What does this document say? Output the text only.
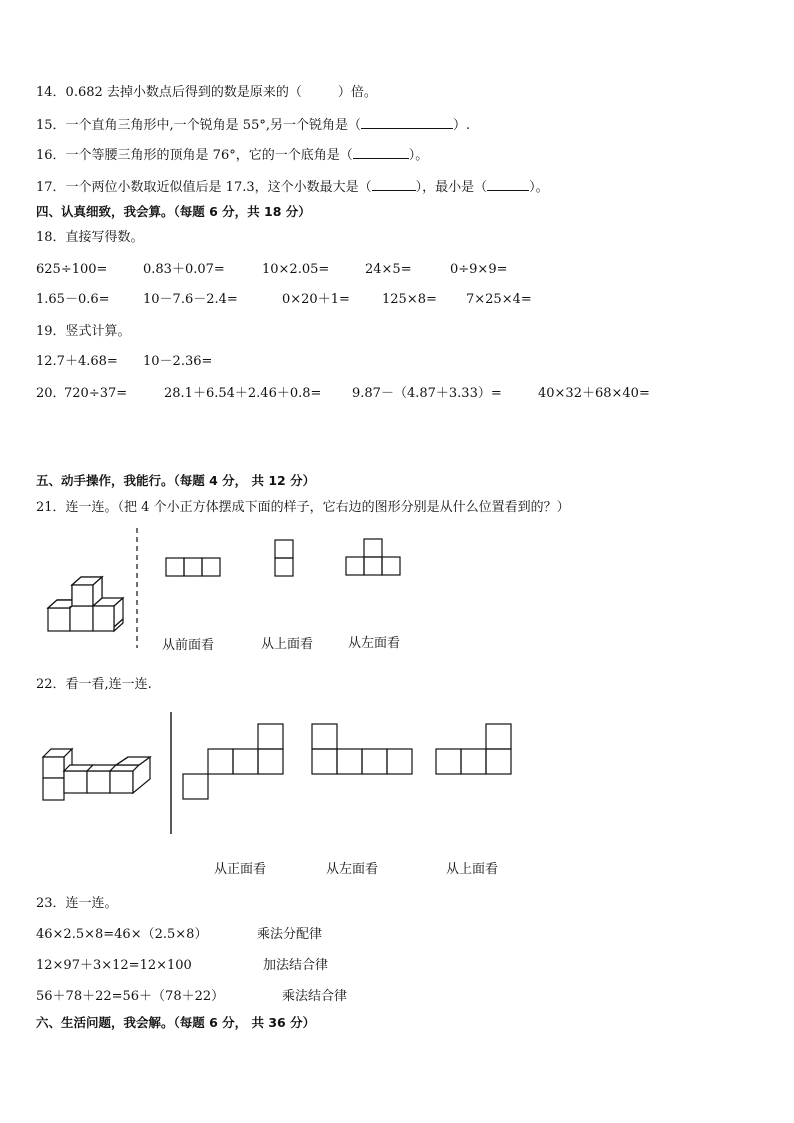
14．0.682 去掉小数点后得到的数是原来的（	）倍。
15．一个直角三角形中,一个锐角是 55°,另一个锐角是（	）.
16．一个等腰三角形的顶角是 76°，它的一个底角是（	）。
17．一个两位小数取近似值后是 17.3，这个小数最大是（	），最小是（	）。
四、认真细致，我会算。（每题 6 分，共 18 分）
18．直接写得数。
625÷100=	0.83＋0.07=	10×2.05=	24×5=	0÷9×9=
1.65－0.6=	10－7.6－2.4=	0×20＋1= 125×8= 7×25×4=
19．竖式计算。
12.7＋4.68= 10－2.36=
20．
720÷37=	28.1＋6.54＋2.46＋0.8= 9.87－（4.87＋3.33）=	40×32＋68×40=
五、动手操作，我能行。（每题 4 分， 共 12 分）
21．连一连。（把 4 个小正方体摆成下面的样子，它右边的图形分别是从什么位置看到的？）
从前面看	从上面看	从左面看
22．看一看,连一连.
从正面看	从左面看	从上面看
23．连一连。
46×2.5×8=46×（2.5×8）
12×97＋3×12=12×100
56＋78＋22=56＋（78＋22）
乘法分配律
加法结合律
乘法结合律
六、生活问题，我会解。（每题 6 分， 共 36 分）
